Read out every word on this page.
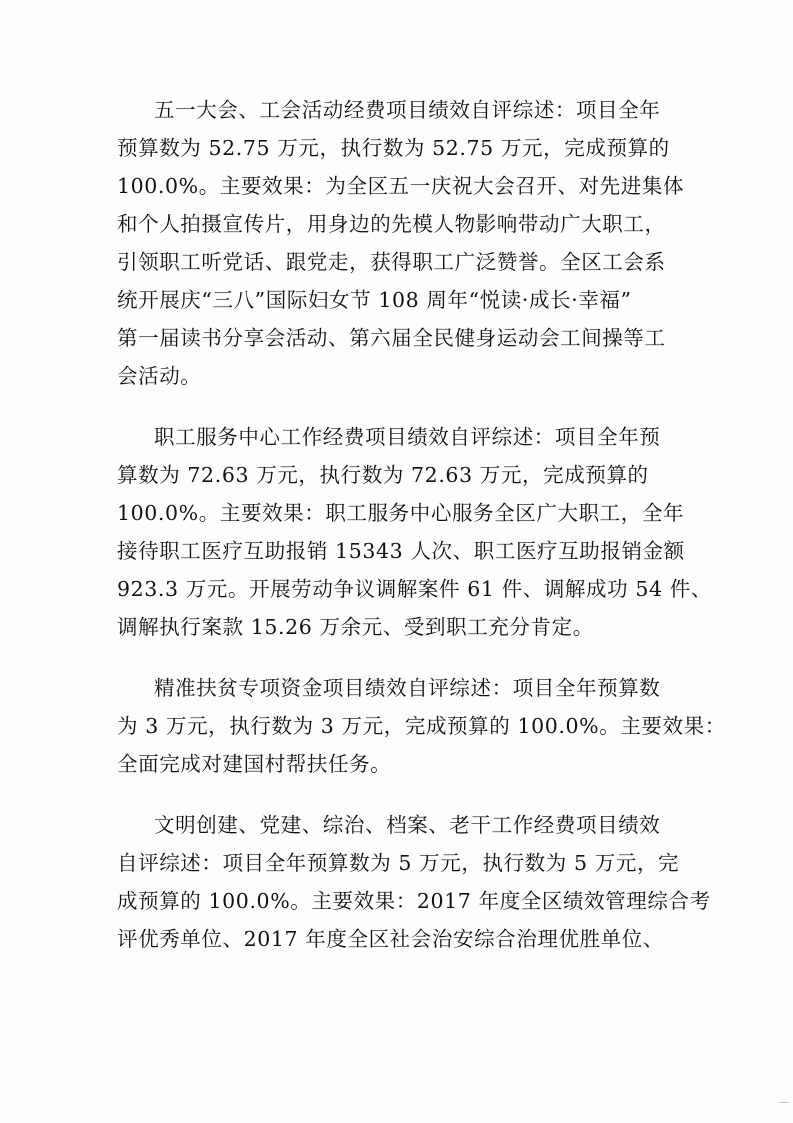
五一大会、工会活动经费项目绩效自评综述：项目全年
预算数为 52.75 万元，执行数为 52.75 万元，完成预算的
100.0%。主要效果：为全区五一庆祝大会召开、对先进集体
和个人拍摄宣传片，用身边的先模人物影响带动广大职工，
引领职工听党话、跟党走，获得职工广泛赞誉。全区工会系
统开展庆“三八”国际妇女节 108 周年“悦读·成长·幸福”
第一届读书分享会活动、第六届全民健身运动会工间操等工
会活动。
职工服务中心工作经费项目绩效自评综述：项目全年预
算数为 72.63 万元，执行数为 72.63 万元，完成预算的
100.0%。主要效果：职工服务中心服务全区广大职工，全年
接待职工医疗互助报销 15343 人次、职工医疗互助报销金额
923.3 万元。开展劳动争议调解案件 61 件、调解成功 54 件、
调解执行案款 15.26 万余元、受到职工充分肯定。
精准扶贫专项资金项目绩效自评综述：项目全年预算数
为 3 万元，执行数为 3 万元，完成预算的 100.0%。主要效果：
全面完成对建国村帮扶任务。
文明创建、党建、综治、档案、老干工作经费项目绩效
自评综述：项目全年预算数为 5 万元，执行数为 5 万元，完
成预算的 100.0%。主要效果：2017 年度全区绩效管理综合考
评优秀单位、2017 年度全区社会治安综合治理优胜单位、
